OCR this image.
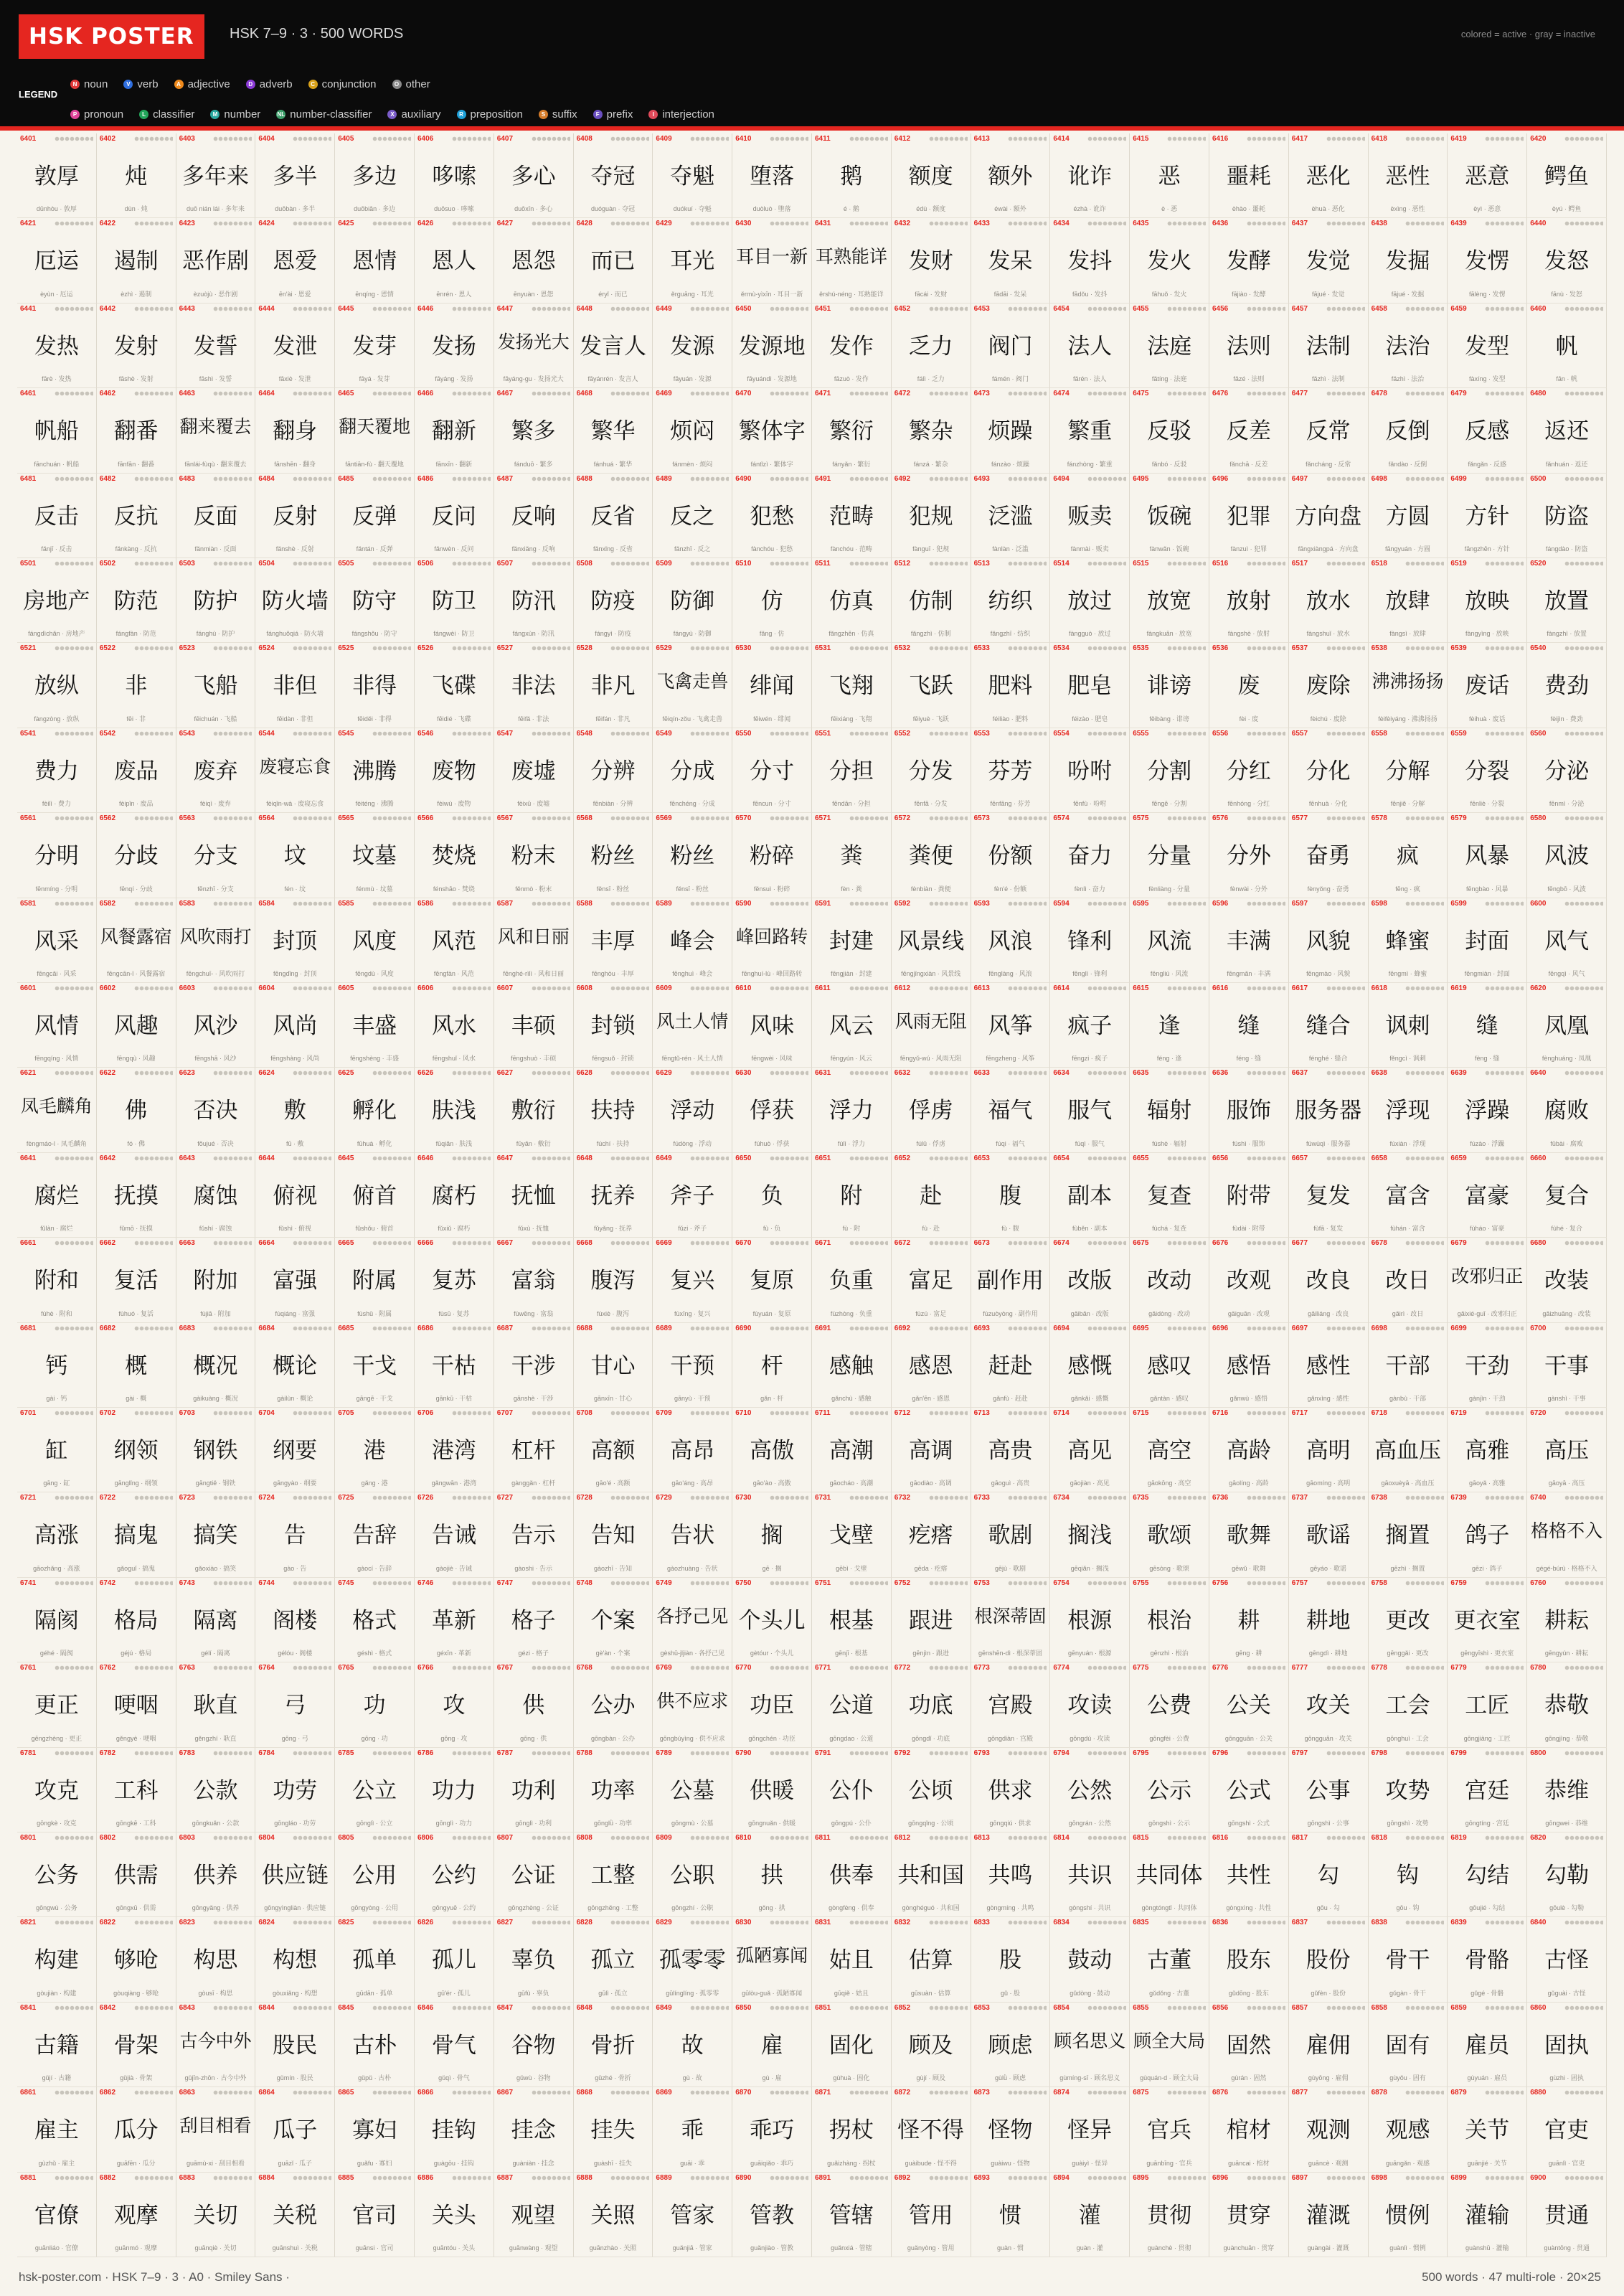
HSK POSTER	HSK 7–9 · 3 · 500 WORDS	colored = active · gray = inactive
LEGEND
N noun	V verb	A adjective	D adverb	C conjunction	O other
P pronoun	L classifier	M number	NL number-classifier	X auxiliary	R preposition	S suffix	F prefix	I interjection
6401
敦厚
dūnhòu · 敦厚
6402
炖
dùn · 炖
6403
多年来
duō nián lái · 多年来
6404
多半
duōbàn · 多半
6405
多边
duōbiān · 多边
6406
哆嗦
duōsuo · 哆嗦
6407
多心
duōxīn · 多心
6408
夺冠
duóguàn · 夺冠
6409
夺魁
duókuí · 夺魁
6410
堕落
duòluò · 堕落
6411
鹅
é · 鹅
6412
额度
édù · 额度
6413
额外
éwài · 额外
6414
讹诈
ézhà · 讹诈
6415
恶
è · 恶
6416
噩耗
èhào · 噩耗
6417
恶化
èhuà · 恶化
6418
恶性
èxìng · 恶性
6419
恶意
èyì · 恶意
6420
鳄鱼
èyú · 鳄鱼
6421
厄运
èyùn · 厄运
6422
遏制
èzhì · 遏制
6423
恶作剧
èzuòjù · 恶作剧
6424
恩爱
ēn'ài · 恩爱
6425
恩情
ēnqíng · 恩情
6426
恩人
ēnrén · 恩人
6427
恩怨
ēnyuàn · 恩怨
6428
而已
éryǐ · 而已
6429
耳光
ěrguāng · 耳光
6430
耳目一新
ěrmù-yìxīn · 耳目一新
6431
耳熟能详
ěrshú-néng · 耳熟能详
6432
发财
fācái · 发财
6433
发呆
fādāi · 发呆
6434
发抖
fādǒu · 发抖
6435
发火
fāhuǒ · 发火
6436
发酵
fājiào · 发酵
6437
发觉
fājué · 发觉
6438
发掘
fājué · 发掘
6439
发愣
fālèng · 发愣
6440
发怒
fānù · 发怒
6441
发热
fārè · 发热
6442
发射
fāshè · 发射
6443
发誓
fāshì · 发誓
6444
发泄
fāxiè · 发泄
6445
发芽
fāyá · 发芽
6446
发扬
fāyáng · 发扬
6447
发扬光大
fāyáng-gu · 发扬光大
6448
发言人
fāyánrén · 发言人
6449
发源
fāyuán · 发源
6450
发源地
fāyuándì · 发源地
6451
发作
fāzuò · 发作
6452
乏力
fálì · 乏力
6453
阀门
fámén · 阀门
6454
法人
fǎrén · 法人
6455
法庭
fǎtíng · 法庭
6456
法则
fǎzé · 法则
6457
法制
fǎzhì · 法制
6458
法治
fǎzhì · 法治
6459
发型
fàxíng · 发型
6460
帆
fān · 帆
6461
帆船
fānchuán · 帆船
6462
翻番
fānfān · 翻番
6463
翻来覆去
fānlái-fùqù · 翻来覆去
6464
翻身
fānshēn · 翻身
6465
翻天覆地
fāntiān-fù · 翻天覆地
6466
翻新
fānxīn · 翻新
6467
繁多
fánduō · 繁多
6468
繁华
fánhuá · 繁华
6469
烦闷
fánmèn · 烦闷
6470
繁体字
fántǐzì · 繁体字
6471
繁衍
fányǎn · 繁衍
6472
繁杂
fánzá · 繁杂
6473
烦躁
fánzào · 烦躁
6474
繁重
fánzhòng · 繁重
6475
反驳
fǎnbó · 反驳
6476
反差
fǎnchā · 反差
6477
反常
fǎncháng · 反常
6478
反倒
fǎndào · 反倒
6479
反感
fǎngǎn · 反感
6480
返还
fǎnhuán · 返还
6481
反击
fǎnjī · 反击
6482
反抗
fǎnkàng · 反抗
6483
反面
fǎnmiàn · 反面
6484
反射
fǎnshè · 反射
6485
反弹
fǎntán · 反弹
6486
反问
fǎnwèn · 反问
6487
反响
fǎnxiǎng · 反响
6488
反省
fǎnxǐng · 反省
6489
反之
fǎnzhī · 反之
6490
犯愁
fànchóu · 犯愁
6491
范畴
fànchóu · 范畴
6492
犯规
fànguī · 犯规
6493
泛滥
fànlàn · 泛滥
6494
贩卖
fànmài · 贩卖
6495
饭碗
fànwǎn · 饭碗
6496
犯罪
fànzuì · 犯罪
6497
方向盘
fāngxiàngpá · 方向盘
6498
方圆
fāngyuán · 方圆
6499
方针
fāngzhēn · 方针
6500
防盗
fángdào · 防盗
6501
房地产
fángdìchǎn · 房地产
6502
防范
fángfàn · 防范
6503
防护
fánghù · 防护
6504
防火墙
fánghuǒqiá · 防火墙
6505
防守
fángshǒu · 防守
6506
防卫
fángwèi · 防卫
6507
防汛
fángxùn · 防汛
6508
防疫
fángyì · 防疫
6509
防御
fángyù · 防御
6510
仿
fǎng · 仿
6511
仿真
fǎngzhēn · 仿真
6512
仿制
fǎngzhì · 仿制
6513
纺织
fǎngzhī · 纺织
6514
放过
fàngguò · 放过
6515
放宽
fàngkuān · 放宽
6516
放射
fàngshè · 放射
6517
放水
fàngshuǐ · 放水
6518
放肆
fàngsì · 放肆
6519
放映
fàngyìng · 放映
6520
放置
fàngzhì · 放置
6521
放纵
fàngzòng · 放纵
6522
非
fēi · 非
6523
飞船
fēichuán · 飞船
6524
非但
fēidàn · 非但
6525
非得
fēiděi · 非得
6526
飞碟
fēidié · 飞碟
6527
非法
fēifǎ · 非法
6528
非凡
fēifán · 非凡
6529
飞禽走兽
fēiqín-zǒu · 飞禽走兽
6530
绯闻
fēiwén · 绯闻
6531
飞翔
fēixiáng · 飞翔
6532
飞跃
fēiyuè · 飞跃
6533
肥料
féiliào · 肥料
6534
肥皂
féizào · 肥皂
6535
诽谤
fěibàng · 诽谤
6536
废
fèi · 废
6537
废除
fèichú · 废除
6538
沸沸扬扬
fèifèiyáng · 沸沸扬扬
6539
废话
fèihuà · 废话
6540
费劲
fèijìn · 费劲
6541
费力
fèilì · 费力
6542
废品
fèipǐn · 废品
6543
废弃
fèiqì · 废弃
6544
废寝忘食
fèiqǐn-wà · 废寝忘食
6545
沸腾
fèiténg · 沸腾
6546
废物
fèiwù · 废物
6547
废墟
fèixū · 废墟
6548
分辨
fēnbiàn · 分辨
6549
分成
fēnchéng · 分成
6550
分寸
fēncun · 分寸
6551
分担
fēndān · 分担
6552
分发
fēnfā · 分发
6553
芬芳
fēnfāng · 芬芳
6554
吩咐
fēnfù · 吩咐
6555
分割
fēngē · 分割
6556
分红
fēnhóng · 分红
6557
分化
fēnhuà · 分化
6558
分解
fēnjiě · 分解
6559
分裂
fēnliè · 分裂
6560
分泌
fēnmì · 分泌
6561
分明
fēnmíng · 分明
6562
分歧
fēnqí · 分歧
6563
分支
fēnzhī · 分支
6564
坟
fén · 坟
6565
坟墓
fénmù · 坟墓
6566
焚烧
fénshāo · 焚烧
6567
粉末
fěnmò · 粉末
6568
粉丝
fěnsī · 粉丝
6569
粉丝
fěnsī · 粉丝
6570
粉碎
fěnsuì · 粉碎
6571
粪
fèn · 粪
6572
粪便
fènbiàn · 粪便
6573
份额
fèn'é · 份额
6574
奋力
fènlì · 奋力
6575
分量
fènliàng · 分量
6576
分外
fènwài · 分外
6577
奋勇
fènyǒng · 奋勇
6578
疯
fēng · 疯
6579
风暴
fēngbào · 风暴
6580
风波
fēngbō · 风波
6581
风采
fēngcǎi · 风采
6582
风餐露宿
fēngcān-l · 风餐露宿
6583
风吹雨打
fēngchuī- · 风吹雨打
6584
封顶
fēngdǐng · 封顶
6585
风度
fēngdù · 风度
6586
风范
fēngfàn · 风范
6587
风和日丽
fēnghé-rìlì · 风和日丽
6588
丰厚
fēnghòu · 丰厚
6589
峰会
fēnghuì · 峰会
6590
峰回路转
fēnghuí-lù · 峰回路转
6591
封建
fēngjiàn · 封建
6592
风景线
fēngjǐngxiàn · 风景线
6593
风浪
fēnglàng · 风浪
6594
锋利
fēnglì · 锋利
6595
风流
fēngliú · 风流
6596
丰满
fēngmǎn · 丰满
6597
风貌
fēngmào · 风貌
6598
蜂蜜
fēngmì · 蜂蜜
6599
封面
fēngmiàn · 封面
6600
风气
fēngqì · 风气
6601
风情
fēngqíng · 风情
6602
风趣
fēngqù · 风趣
6603
风沙
fēngshā · 风沙
6604
风尚
fēngshàng · 风尚
6605
丰盛
fēngshèng · 丰盛
6606
风水
fēngshuǐ · 风水
6607
丰硕
fēngshuò · 丰硕
6608
封锁
fēngsuǒ · 封锁
6609
风土人情
fēngtǔ-rén · 风土人情
6610
风味
fēngwèi · 风味
6611
风云
fēngyún · 风云
6612
风雨无阻
fēngyǔ-wú · 风雨无阻
6613
风筝
fēngzheng · 风筝
6614
疯子
fēngzi · 疯子
6615
逢
féng · 逢
6616
缝
féng · 缝
6617
缝合
fénghé · 缝合
6618
讽刺
fěngcì · 讽刺
6619
缝
fèng · 缝
6620
凤凰
fènghuáng · 凤凰
6621
凤毛麟角
fèngmáo-l · 凤毛麟角
6622
佛
fó · 佛
6623
否决
fǒujué · 否决
6624
敷
fū · 敷
6625
孵化
fūhuà · 孵化
6626
肤浅
fūqiǎn · 肤浅
6627
敷衍
fūyǎn · 敷衍
6628
扶持
fúchí · 扶持
6629
浮动
fúdòng · 浮动
6630
俘获
fúhuò · 俘获
6631
浮力
fúlì · 浮力
6632
俘虏
fúlǔ · 俘虏
6633
福气
fúqi · 福气
6634
服气
fúqì · 服气
6635
辐射
fúshè · 辐射
6636
服饰
fúshì · 服饰
6637
服务器
fúwùqì · 服务器
6638
浮现
fúxiàn · 浮现
6639
浮躁
fúzào · 浮躁
6640
腐败
fǔbài · 腐败
6641
腐烂
fǔlàn · 腐烂
6642
抚摸
fǔmō · 抚摸
6643
腐蚀
fǔshí · 腐蚀
6644
俯视
fǔshì · 俯视
6645
俯首
fǔshǒu · 俯首
6646
腐朽
fǔxiǔ · 腐朽
6647
抚恤
fǔxù · 抚恤
6648
抚养
fǔyǎng · 抚养
6649
斧子
fǔzi · 斧子
6650
负
fù · 负
6651
附
fù · 附
6652
赴
fù · 赴
6653
腹
fù · 腹
6654
副本
fùběn · 副本
6655
复查
fùchá · 复查
6656
附带
fùdài · 附带
6657
复发
fùfā · 复发
6658
富含
fùhán · 富含
6659
富豪
fùháo · 富豪
6660
复合
fùhé · 复合
6661
附和
fùhè · 附和
6662
复活
fùhuó · 复活
6663
附加
fùjiā · 附加
6664
富强
fùqiáng · 富强
6665
附属
fùshǔ · 附属
6666
复苏
fùsū · 复苏
6667
富翁
fùwēng · 富翁
6668
腹泻
fùxiè · 腹泻
6669
复兴
fùxīng · 复兴
6670
复原
fùyuán · 复原
6671
负重
fùzhòng · 负重
6672
富足
fùzú · 富足
6673
副作用
fùzuòyòng · 副作用
6674
改版
gǎibǎn · 改版
6675
改动
gǎidòng · 改动
6676
改观
gǎiguān · 改观
6677
改良
gǎiliáng · 改良
6678
改日
gǎirì · 改日
6679
改邪归正
gǎixié-guī · 改邪归正
6680
改装
gǎizhuāng · 改装
6681
钙
gài · 钙
6682
概
gài · 概
6683
概况
gàikuàng · 概况
6684
概论
gàilùn · 概论
6685
干戈
gāngē · 干戈
6686
干枯
gānkū · 干枯
6687
干涉
gānshè · 干涉
6688
甘心
gānxīn · 甘心
6689
干预
gānyù · 干预
6690
杆
gǎn · 杆
6691
感触
gǎnchù · 感触
6692
感恩
gǎn'ēn · 感恩
6693
赶赴
gǎnfù · 赶赴
6694
感慨
gǎnkǎi · 感慨
6695
感叹
gǎntàn · 感叹
6696
感悟
gǎnwù · 感悟
6697
感性
gǎnxìng · 感性
6698
干部
gànbù · 干部
6699
干劲
gànjìn · 干劲
6700
干事
gànshì · 干事
6701
缸
gāng · 缸
6702
纲领
gānglǐng · 纲领
6703
钢铁
gāngtiě · 钢铁
6704
纲要
gāngyào · 纲要
6705
港
gǎng · 港
6706
港湾
gǎngwān · 港湾
6707
杠杆
gànggǎn · 杠杆
6708
高额
gāo'é · 高额
6709
高昂
gāo'áng · 高昂
6710
高傲
gāo'ào · 高傲
6711
高潮
gāocháo · 高潮
6712
高调
gāodiào · 高调
6713
高贵
gāoguì · 高贵
6714
高见
gāojiàn · 高见
6715
高空
gāokōng · 高空
6716
高龄
gāolíng · 高龄
6717
高明
gāomíng · 高明
6718
高血压
gāoxuèyā · 高血压
6719
高雅
gāoyǎ · 高雅
6720
高压
gāoyā · 高压
6721
高涨
gāozhǎng · 高涨
6722
搞鬼
gǎoguǐ · 搞鬼
6723
搞笑
gǎoxiào · 搞笑
6724
告
gào · 告
6725
告辞
gàocí · 告辞
6726
告诫
gàojiè · 告诫
6727
告示
gàoshi · 告示
6728
告知
gàozhī · 告知
6729
告状
gàozhuàng · 告状
6730
搁
gē · 搁
6731
戈壁
gēbì · 戈壁
6732
疙瘩
gēda · 疙瘩
6733
歌剧
gējù · 歌剧
6734
搁浅
gēqiǎn · 搁浅
6735
歌颂
gēsòng · 歌颂
6736
歌舞
gēwǔ · 歌舞
6737
歌谣
gēyáo · 歌谣
6738
搁置
gēzhì · 搁置
6739
鸽子
gēzi · 鸽子
6740
格格不入
gégé-búrù · 格格不入
6741
隔阂
géhé · 隔阂
6742
格局
géjú · 格局
6743
隔离
gélí · 隔离
6744
阁楼
gélóu · 阁楼
6745
格式
géshì · 格式
6746
革新
géxīn · 革新
6747
格子
gézi · 格子
6748
个案
gè'àn · 个案
6749
各抒己见
gèshū-jǐjiàn · 各抒己见
6750
个头儿
gètóur · 个头儿
6751
根基
gēnjī · 根基
6752
跟进
gēnjìn · 跟进
6753
根深蒂固
gēnshēn-dì · 根深蒂固
6754
根源
gēnyuán · 根源
6755
根治
gēnzhì · 根治
6756
耕
gēng · 耕
6757
耕地
gēngdì · 耕地
6758
更改
gēnggǎi · 更改
6759
更衣室
gēngyīshì · 更衣室
6760
耕耘
gēngyún · 耕耘
6761
更正
gēngzhèng · 更正
6762
哽咽
gěngyè · 哽咽
6763
耿直
gěngzhí · 耿直
6764
弓
gōng · 弓
6765
功
gōng · 功
6766
攻
gōng · 攻
6767
供
gōng · 供
6768
公办
gōngbàn · 公办
6769
供不应求
gōngbúyìng · 供不应求
6770
功臣
gōngchén · 功臣
6771
公道
gōngdao · 公道
6772
功底
gōngdǐ · 功底
6773
宫殿
gōngdiàn · 宫殿
6774
攻读
gōngdú · 攻读
6775
公费
gōngfèi · 公费
6776
公关
gōngguān · 公关
6777
攻关
gōngguān · 攻关
6778
工会
gōnghuì · 工会
6779
工匠
gōngjiàng · 工匠
6780
恭敬
gōngjìng · 恭敬
6781
攻克
gōngkè · 攻克
6782
工科
gōngkē · 工科
6783
公款
gōngkuǎn · 公款
6784
功劳
gōngláo · 功劳
6785
公立
gōnglì · 公立
6786
功力
gōnglì · 功力
6787
功利
gōnglì · 功利
6788
功率
gōnglǜ · 功率
6789
公墓
gōngmù · 公墓
6790
供暖
gōngnuǎn · 供暖
6791
公仆
gōngpú · 公仆
6792
公顷
gōngqǐng · 公顷
6793
供求
gōngqiú · 供求
6794
公然
gōngrán · 公然
6795
公示
gōngshì · 公示
6796
公式
gōngshì · 公式
6797
公事
gōngshì · 公事
6798
攻势
gōngshì · 攻势
6799
宫廷
gōngtíng · 宫廷
6800
恭维
gōngwei · 恭维
6801
公务
gōngwù · 公务
6802
供需
gōngxū · 供需
6803
供养
gōngyǎng · 供养
6804
供应链
gōngyìngliàn · 供应链
6805
公用
gōngyòng · 公用
6806
公约
gōngyuē · 公约
6807
公证
gōngzhèng · 公证
6808
工整
gōngzhěng · 工整
6809
公职
gōngzhí · 公职
6810
拱
gǒng · 拱
6811
供奉
gòngfèng · 供奉
6812
共和国
gònghéguó · 共和国
6813
共鸣
gòngmíng · 共鸣
6814
共识
gòngshí · 共识
6815
共同体
gòngtóngtǐ · 共同体
6816
共性
gòngxìng · 共性
6817
勾
gōu · 勾
6818
钩
gōu · 钩
6819
勾结
gōujié · 勾结
6820
勾勒
gōulè · 勾勒
6821
构建
gòujiàn · 构建
6822
够呛
gòuqiàng · 够呛
6823
构思
gòusī · 构思
6824
构想
gòuxiǎng · 构想
6825
孤单
gūdān · 孤单
6826
孤儿
gū'ér · 孤儿
6827
辜负
gūfù · 辜负
6828
孤立
gūlì · 孤立
6829
孤零零
gūlínglíng · 孤零零
6830
孤陋寡闻
gūlòu-guǎ · 孤陋寡闻
6831
姑且
gūqiě · 姑且
6832
估算
gūsuàn · 估算
6833
股
gǔ · 股
6834
鼓动
gǔdòng · 鼓动
6835
古董
gǔdǒng · 古董
6836
股东
gǔdōng · 股东
6837
股份
gǔfèn · 股份
6838
骨干
gǔgàn · 骨干
6839
骨骼
gǔgé · 骨骼
6840
古怪
gǔguài · 古怪
6841
古籍
gǔjí · 古籍
6842
骨架
gǔjià · 骨架
6843
古今中外
gǔjīn-zhōn · 古今中外
6844
股民
gǔmín · 股民
6845
古朴
gǔpǔ · 古朴
6846
骨气
gǔqì · 骨气
6847
谷物
gǔwù · 谷物
6848
骨折
gǔzhé · 骨折
6849
故
gù · 故
6850
雇
gù · 雇
6851
固化
gùhuà · 固化
6852
顾及
gùjí · 顾及
6853
顾虑
gùlǜ · 顾虑
6854
顾名思义
gùmíng-sī · 顾名思义
6855
顾全大局
gùquán-d · 顾全大局
6856
固然
gùrán · 固然
6857
雇佣
gùyōng · 雇佣
6858
固有
gùyǒu · 固有
6859
雇员
gùyuán · 雇员
6860
固执
gùzhi · 固执
6861
雇主
gùzhǔ · 雇主
6862
瓜分
guāfēn · 瓜分
6863
刮目相看
guāmù-xi · 刮目相看
6864
瓜子
guāzǐ · 瓜子
6865
寡妇
guǎfu · 寡妇
6866
挂钩
guàgōu · 挂钩
6867
挂念
guàniàn · 挂念
6868
挂失
guàshī · 挂失
6869
乖
guāi · 乖
6870
乖巧
guāiqiǎo · 乖巧
6871
拐杖
guǎizhàng · 拐杖
6872
怪不得
guàibude · 怪不得
6873
怪物
guàiwu · 怪物
6874
怪异
guàiyì · 怪异
6875
官兵
guānbīng · 官兵
6876
棺材
guāncai · 棺材
6877
观测
guāncè · 观测
6878
观感
guāngǎn · 观感
6879
关节
guānjié · 关节
6880
官吏
guānlì · 官吏
6881
官僚
guānliáo · 官僚
6882
观摩
guānmó · 观摩
6883
关切
guānqiè · 关切
6884
关税
guānshuì · 关税
6885
官司
guānsi · 官司
6886
关头
guāntóu · 关头
6887
观望
guānwàng · 观望
6888
关照
guānzhào · 关照
6889
管家
guǎnjiā · 管家
6890
管教
guǎnjiào · 管教
6891
管辖
guǎnxiá · 管辖
6892
管用
guǎnyòng · 管用
6893
惯
guàn · 惯
6894
灌
guàn · 灌
6895
贯彻
guànchè · 贯彻
6896
贯穿
guànchuān · 贯穿
6897
灌溉
guàngài · 灌溉
6898
惯例
guànlì · 惯例
6899
灌输
guànshū · 灌输
6900
贯通
guàntōng · 贯通
hsk-poster.com · HSK 7–9 · 3 · A0 · Smiley Sans ·	500 words · 47 multi-role · 20×25
